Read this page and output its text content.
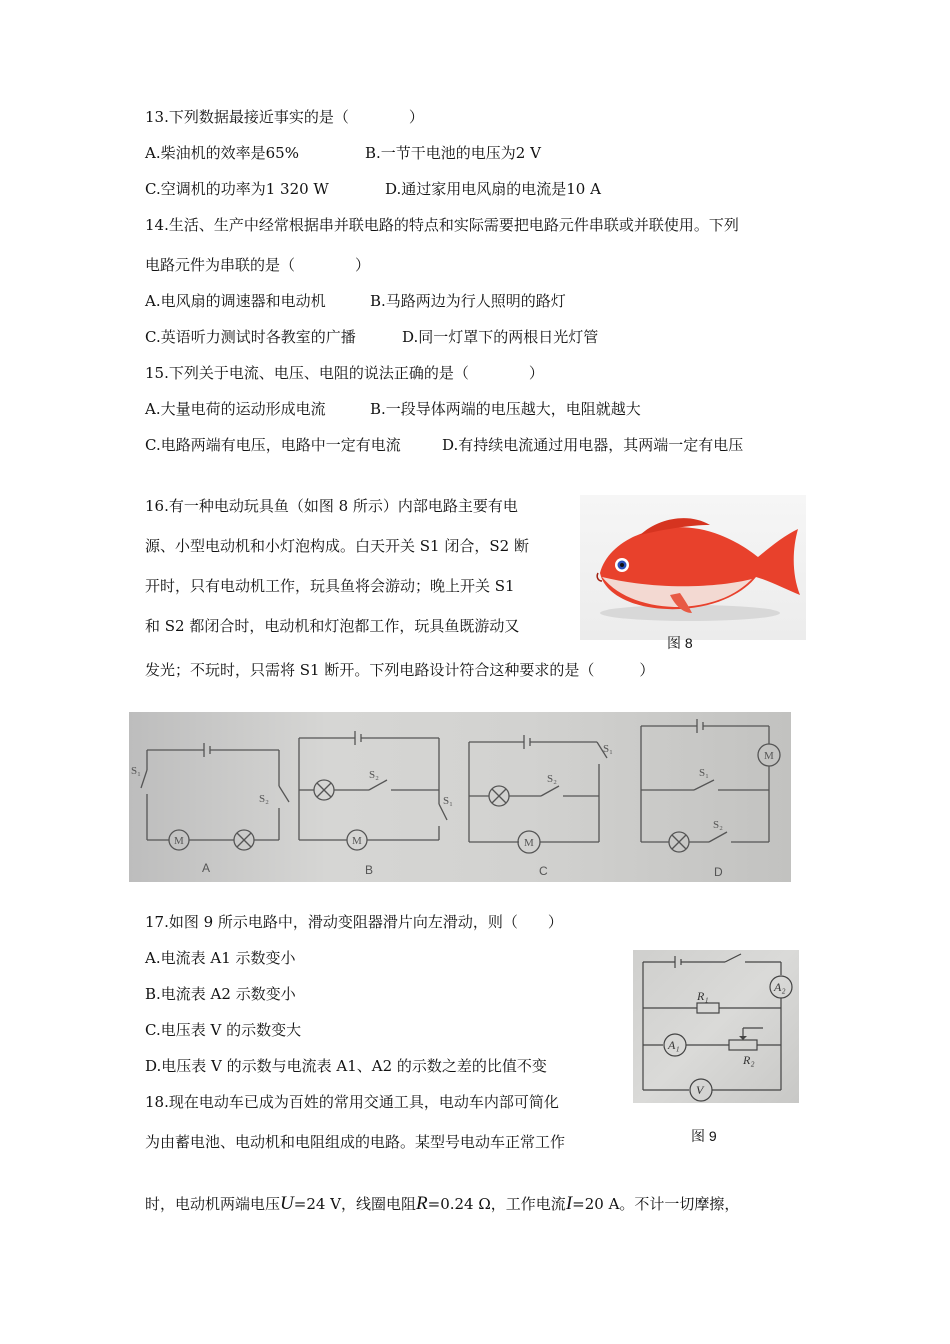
13.下列数据最接近事实的是（　　　　）
A.柴油机的效率是65%	B.一节干电池的电压为2 V
C.空调机的功率为1 320 W	D.通过家用电风扇的电流是10 A
14.生活、生产中经常根据串并联电路的特点和实际需要把电路元件串联或并联使用。下列
电路元件为串联的是（　　　　）
A.电风扇的调速器和电动机	B.马路两边为行人照明的路灯
C.英语听力测试时各教室的广播	D.同一灯罩下的两根日光灯管
15.下列关于电流、电压、电阻的说法正确的是（　　　　）
A.大量电荷的运动形成电流	B.一段导体两端的电压越大，电阻就越大
C.电路两端有电压，电路中一定有电流	D.有持续电流通过用电器，其两端一定有电压
16.有一种电动玩具鱼（如图 8 所示）内部电路主要有电
源、小型电动机和小灯泡构成。白天开关 S1 闭合，S2 断
开时，只有电动机工作，玩具鱼将会游动；晚上开关 S1
和 S2 都闭合时，电动机和灯泡都工作，玩具鱼既游动又
发光；不玩时，只需将 S1 断开。下列电路设计符合这种要求的是（　　　）
图 8
S₁
S₂
M
S₂
S₁
M
S₂
S₁
M
M
S₁
S₂
A	B	C	D
17.如图 9 所示电路中，滑动变阻器滑片向左滑动，则（　　）
A.电流表 A1 示数变小
B.电流表 A2 示数变小
C.电压表 V 的示数变大
D.电压表 V 的示数与电流表 A1、A2 的示数之差的比值不变
A₂
R₁
A₁
R₂
V
图 9
18.现在电动车已成为百姓的常用交通工具，电动车内部可简化
为由蓄电池、电动机和电阻组成的电路。某型号电动车正常工作
时，电动机两端电压U=24 V，线圈电阻R=0.24 Ω，工作电流I=20 A。不计一切摩擦，
